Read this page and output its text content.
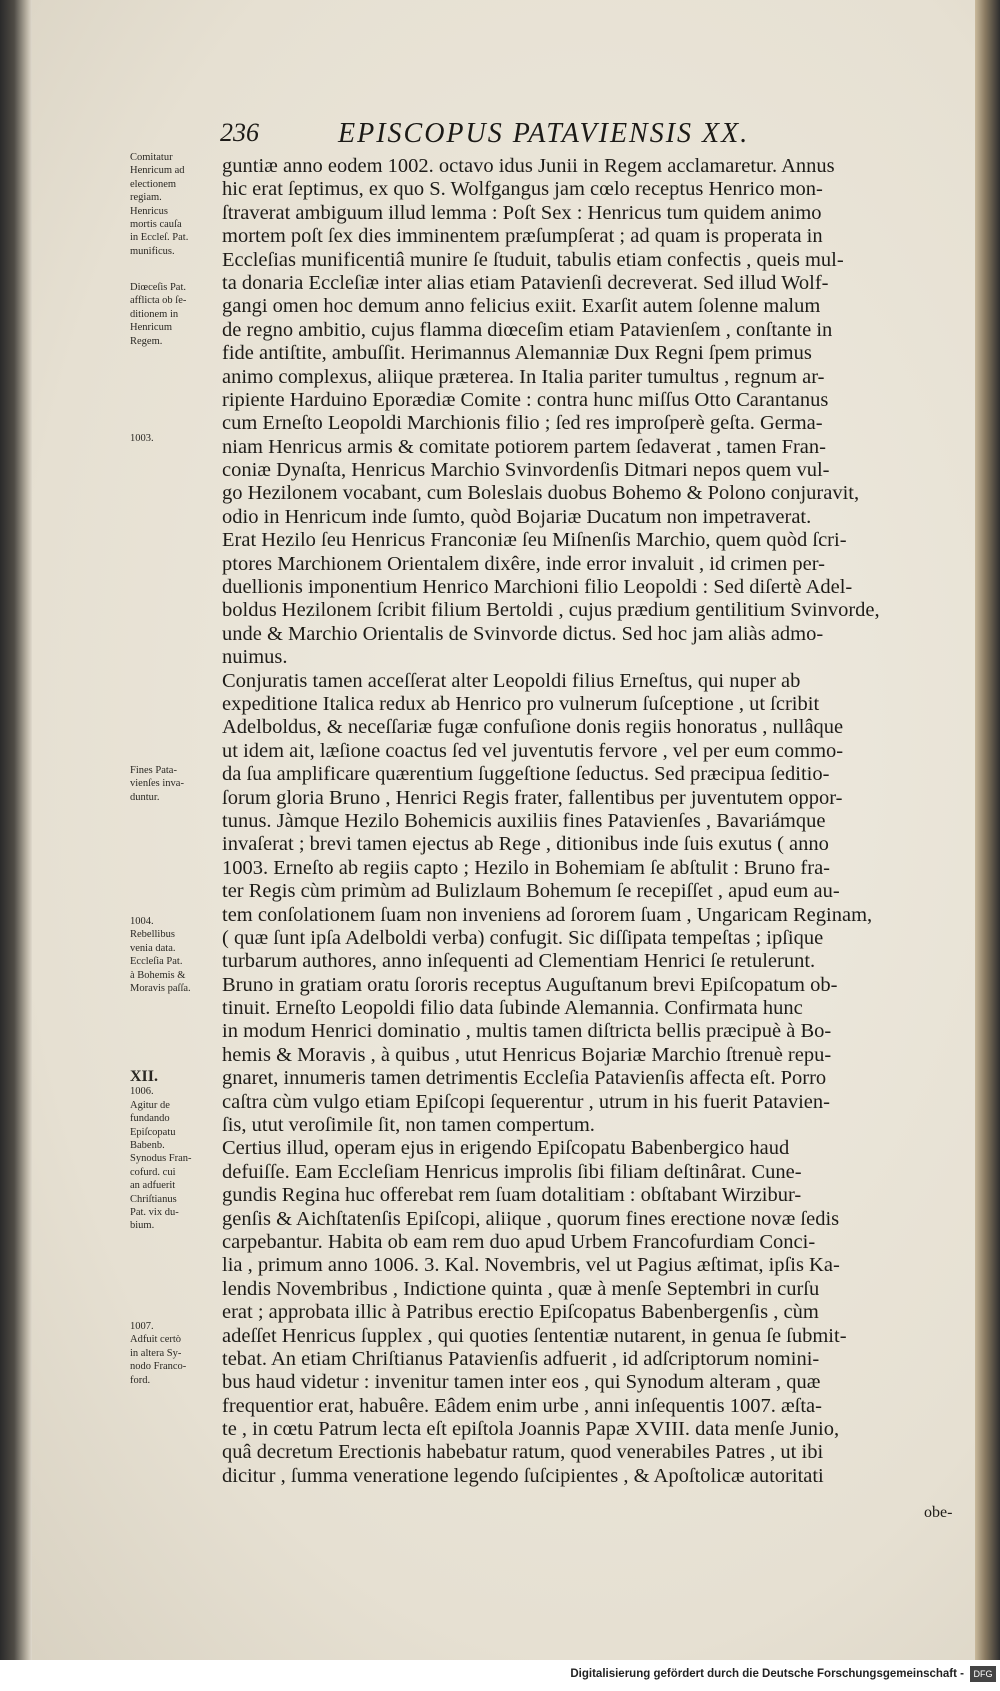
236	EPISCOPUS PATAVIENSIS XX.
guntiæ anno eodem 1002. octavo idus Junii in Regem acclamaretur. Annus
hic erat ſeptimus, ex quo S. Wolfgangus jam cœlo receptus Henrico mon-
ſtraverat ambiguum illud lemma : Poſt Sex : Henricus tum quidem animo
mortem poſt ſex dies imminentem præſumpſerat ; ad quam is properata in
Eccleſias munificentiâ munire ſe ſtuduit, tabulis etiam confectis , queis mul-
ta donaria Eccleſiæ inter alias etiam Patavienſi decreverat. Sed illud Wolf-
gangi omen hoc demum anno felicius exiit. Exarſit autem ſolenne malum
de regno ambitio, cujus flamma diœceſim etiam Patavienſem , conſtante in
fide antiſtite, ambuſſit. Herimannus Alemanniæ Dux Regni ſpem primus
animo complexus, aliique præterea. In Italia pariter tumultus , regnum ar-
ripiente Harduino Eporædiæ Comite : contra hunc miſſus Otto Carantanus
cum Erneſto Leopoldi Marchionis filio ; ſed res improſperè geſta. Germa-
niam Henricus armis & comitate potiorem partem ſedaverat , tamen Fran-
coniæ Dynaſta, Henricus Marchio Svinvordenſis Ditmari nepos quem vul-
go Hezilonem vocabant, cum Boleslais duobus Bohemo & Polono conjuravit,
odio in Henricum inde ſumto, quòd Bojariæ Ducatum non impetraverat.
Erat Hezilo ſeu Henricus Franconiæ ſeu Miſnenſis Marchio, quem quòd ſcri-
ptores Marchionem Orientalem dixêre, inde error invaluit , id crimen per-
duellionis imponentium Henrico Marchioni filio Leopoldi : Sed diſertè Adel-
boldus Hezilonem ſcribit filium Bertoldi , cujus prædium gentilitium Svinvorde,
unde & Marchio Orientalis de Svinvorde dictus. Sed hoc jam aliàs admo-
nuimus.
Conjuratis tamen acceſſerat alter Leopoldi filius Erneſtus, qui nuper ab
expeditione Italica redux ab Henrico pro vulnerum ſuſceptione , ut ſcribit
Adelboldus, & neceſſariæ fugæ confuſione donis regiis honoratus , nullâque
ut idem ait, læſione coactus ſed vel juventutis fervore , vel per eum commo-
da ſua amplificare quærentium ſuggeſtione ſeductus. Sed præcipua ſeditio-
ſorum gloria Bruno , Henrici Regis frater, fallentibus per juventutem oppor-
tunus. Jàmque Hezilo Bohemicis auxiliis fines Patavienſes , Bavariámque
invaſerat ; brevi tamen ejectus ab Rege , ditionibus inde ſuis exutus ( anno
1003. Erneſto ab regiis capto ; Hezilo in Bohemiam ſe abſtulit : Bruno fra-
ter Regis cùm primùm ad Bulizlaum Bohemum ſe recepiſſet , apud eum au-
tem conſolationem ſuam non inveniens ad ſororem ſuam , Ungaricam Reginam,
( quæ ſunt ipſa Adelboldi verba) confugit. Sic diſſipata tempeſtas ; ipſique
turbarum authores, anno inſequenti ad Clementiam Henrici ſe retulerunt.
Bruno in gratiam oratu ſororis receptus Auguſtanum brevi Epiſcopatum ob-
tinuit. Erneſto Leopoldi filio data ſubinde Alemannia. Confirmata hunc
in modum Henrici dominatio , multis tamen diſtricta bellis præcipuè à Bo-
hemis & Moravis , à quibus , utut Henricus Bojariæ Marchio ſtrenuè repu-
gnaret, innumeris tamen detrimentis Eccleſia Patavienſis affecta eſt. Porro
caſtra cùm vulgo etiam Epiſcopi ſequerentur , utrum in his fuerit Patavien-
ſis, utut veroſimile ſit, non tamen compertum.
Certius illud, operam ejus in erigendo Epiſcopatu Babenbergico haud
defuiſſe. Eam Eccleſiam Henricus improlis ſibi filiam deſtinârat. Cune-
gundis Regina huc offerebat rem ſuam dotalitiam : obſtabant Wirzibur-
genſis & Aichſtatenſis Epiſcopi, aliique , quorum fines erectione novæ ſedis
carpebantur. Habita ob eam rem duo apud Urbem Francofurdiam Conci-
lia , primum anno 1006. 3. Kal. Novembris, vel ut Pagius æſtimat, ipſis Ka-
lendis Novembribus , Indictione quinta , quæ à menſe Septembri in curſu
erat ; approbata illic à Patribus erectio Epiſcopatus Babenbergenſis , cùm
adeſſet Henricus ſupplex , qui quoties ſententiæ nutarent, in genua ſe ſubmit-
tebat. An etiam Chriſtianus Patavienſis adfuerit , id adſcriptorum nomini-
bus haud videtur : invenitur tamen inter eos , qui Synodum alteram , quæ
frequentior erat, habuêre. Eâdem enim urbe , anni inſequentis 1007. æſta-
te , in cœtu Patrum lecta eſt epiſtola Joannis Papæ XVIII. data menſe Junio,
quâ decretum Erectionis habebatur ratum, quod venerabiles Patres , ut ibi
dicitur , ſumma veneratione legendo ſuſcipientes , & Apoſtolicæ autoritati
Comitatur
Henricum ad
electionem
regiam.
Henricus
mortis cauſa
in Eccleſ. Pat.
munificus.
Diœceſis Pat.
afflicta ob ſe-
ditionem in
Henricum
Regem.
1003.
Fines Pata-
vienſes inva-
duntur.
1004.
Rebellibus
venia data.
Eccleſia Pat.
à Bohemis &
Moravis paſſa.
XII.
1006.
Agitur de
fundando
Epiſcopatu
Babenb.
Synodus Fran-
cofurd. cui
an adfuerit
Chriſtianus
Pat. vix du-
bium.
1007.
Adfuit certò
in altera Sy-
nodo Franco-
ford.
obe-
Digitalisierung gefördert durch die Deutsche Forschungsgemeinschaft -	DFG
